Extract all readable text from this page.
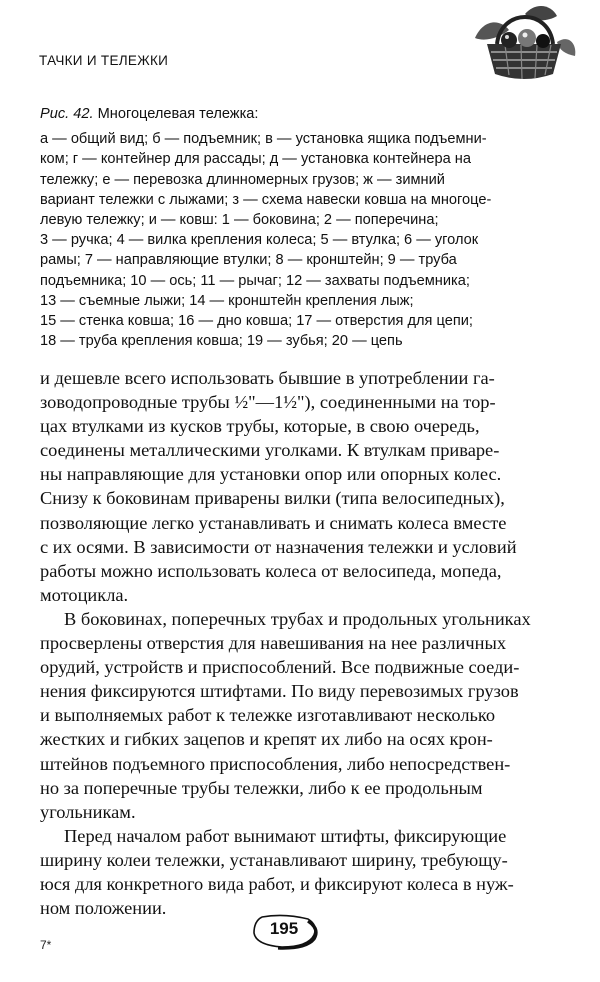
ТАЧКИ И ТЕЛЕЖКИ
Рис. 42. Многоцелевая тележка:
а — общий вид; б — подъемник; в — установка ящика подъемни-
ком; г — контейнер для рассады; д — установка контейнера на
тележку; е — перевозка длинномерных грузов; ж — зимний
вариант тележки с лыжами; з — схема навески ковша на многоце-
левую тележку; и — ковш: 1 — боковина; 2 — поперечина;
3 — ручка; 4 — вилка крепления колеса; 5 — втулка; 6 — уголок
рамы; 7 — направляющие втулки; 8 — кронштейн; 9 — труба
подъемника; 10 — ось; 11 — рычаг; 12 — захваты подъемника;
13 — съемные лыжи; 14 — кронштейн крепления лыж;
15 — стенка ковша; 16 — дно ковша; 17 — отверстия для цепи;
18 — труба крепления ковша; 19 — зубья; 20 — цепь
и дешевле всего использовать бывшие в употреблении га-
зоводопроводные трубы ½"—1½"), соединенными на тор-
цах втулками из кусков трубы, которые, в свою очередь,
соединены металлическими уголками. К втулкам приваре-
ны направляющие для установки опор или опорных колес.
Снизу к боковинам приварены вилки (типа велосипедных),
позволяющие легко устанавливать и снимать колеса вместе
с их осями. В зависимости от назначения тележки и условий
работы можно использовать колеса от велосипеда, мопеда,
мотоцикла.
В боковинах, поперечных трубах и продольных угольниках
просверлены отверстия для навешивания на нее различных
орудий, устройств и приспособлений. Все подвижные соеди-
нения фиксируются штифтами. По виду перевозимых грузов
и выполняемых работ к тележке изготавливают несколько
жестких и гибких зацепов и крепят их либо на осях крон-
штейнов подъемного приспособления, либо непосредствен-
но за поперечные трубы тележки, либо к ее продольным
угольникам.
Перед началом работ вынимают штифты, фиксирующие
ширину колеи тележки, устанавливают ширину, требующу-
юся для конкретного вида работ, и фиксируют колеса в нуж-
ном положении.
195
7*
